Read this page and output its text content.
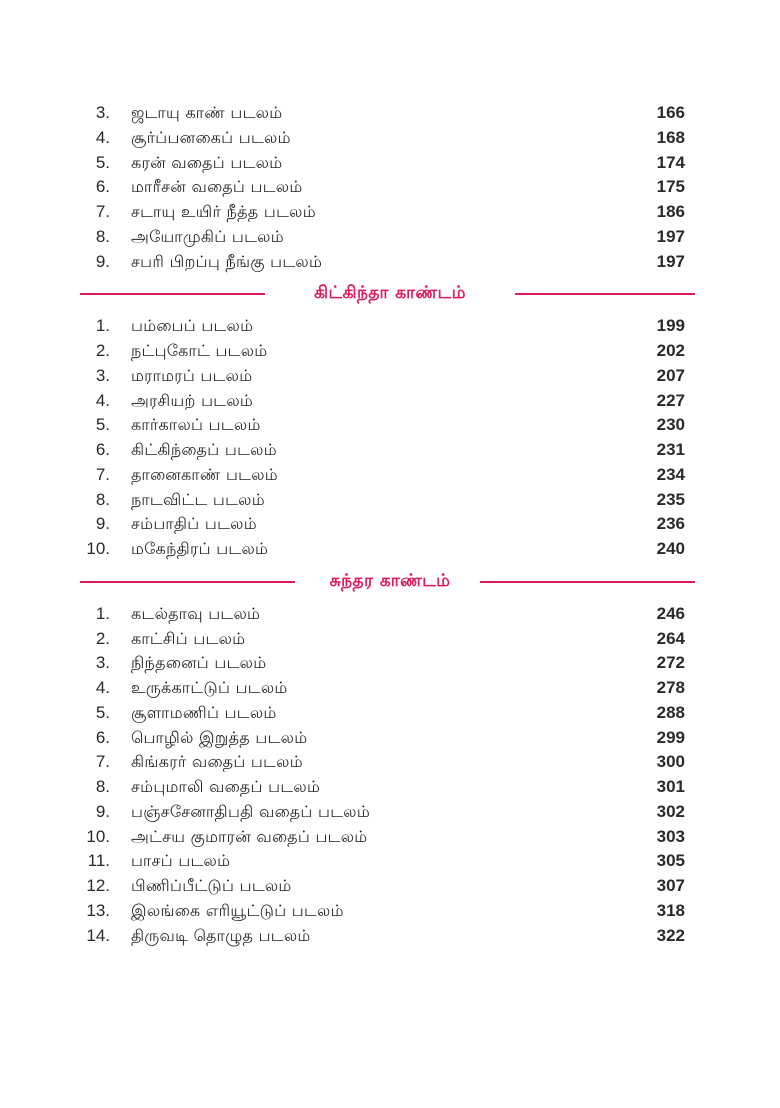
3. ஜடாயு காண் படலம்	166
4. சூர்ப்பனகைப் படலம்	168
5. கரன் வதைப் படலம்	174
6. மாரீசன் வதைப் படலம்	175
7. சடாயு உயிர் நீத்த படலம்	186
8. அயோமுகிப் படலம்	197
9. சபரி பிறப்பு நீங்கு படலம்	197
கிட்கிந்தா காண்டம்
1. பம்பைப் படலம்	199
2. நட்புகோட் படலம்	202
3. மராமரப் படலம்	207
4. அரசியற் படலம்	227
5. கார்காலப் படலம்	230
6. கிட்கிந்தைப் படலம்	231
7. தானைகாண் படலம்	234
8. நாடவிட்ட படலம்	235
9. சம்பாதிப் படலம்	236
10. மகேந்திரப் படலம்	240
சுந்தர காண்டம்
1. கடல்தாவு படலம்	246
2. காட்சிப் படலம்	264
3. நிந்தனைப் படலம்	272
4. உருக்காட்டுப் படலம்	278
5. சூளாமணிப் படலம்	288
6. பொழில் இறுத்த படலம்	299
7. கிங்கரர் வதைப் படலம்	300
8. சம்புமாலி வதைப் படலம்	301
9. பஞ்சசேனாதிபதி வதைப் படலம்	302
10. அட்சய குமாரன் வதைப் படலம்	303
11. பாசப் படலம்	305
12. பிணிப்பீட்டுப் படலம்	307
13. இலங்கை எரியூட்டுப் படலம்	318
14. திருவடி தொழுத படலம்	322
